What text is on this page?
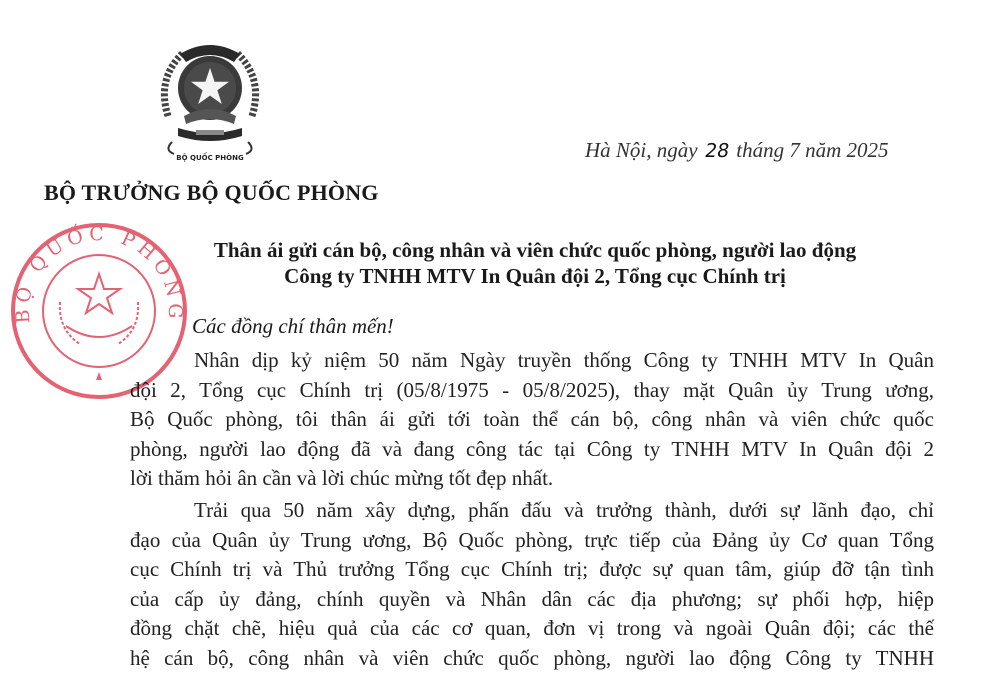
BỘ QUỐC PHÒNG
BỘ QUỐC PHÒNG
BỘ TRƯỞNG BỘ QUỐC PHÒNG
Hà Nội, ngày 28 tháng 7 năm 2025
Thân ái gửi cán bộ, công nhân và viên chức quốc phòng, người lao động
Công ty TNHH MTV In Quân đội 2, Tổng cục Chính trị
Các đồng chí thân mến!
Nhân dịp kỷ niệm 50 năm Ngày truyền thống Công ty TNHH MTV In Quân
đội 2, Tổng cục Chính trị (05/8/1975 - 05/8/2025), thay mặt Quân ủy Trung ương,
Bộ Quốc phòng, tôi thân ái gửi tới toàn thể cán bộ, công nhân và viên chức quốc
phòng, người lao động đã và đang công tác tại Công ty TNHH MTV In Quân đội 2
lời thăm hỏi ân cần và lời chúc mừng tốt đẹp nhất.
Trải qua 50 năm xây dựng, phấn đấu và trưởng thành, dưới sự lãnh đạo, chỉ
đạo của Quân ủy Trung ương, Bộ Quốc phòng, trực tiếp của Đảng ủy Cơ quan Tổng
cục Chính trị và Thủ trưởng Tổng cục Chính trị; được sự quan tâm, giúp đỡ tận tình
của cấp ủy đảng, chính quyền và Nhân dân các địa phương; sự phối hợp, hiệp
đồng chặt chẽ, hiệu quả của các cơ quan, đơn vị trong và ngoài Quân đội; các thế
hệ cán bộ, công nhân và viên chức quốc phòng, người lao động Công ty TNHH
